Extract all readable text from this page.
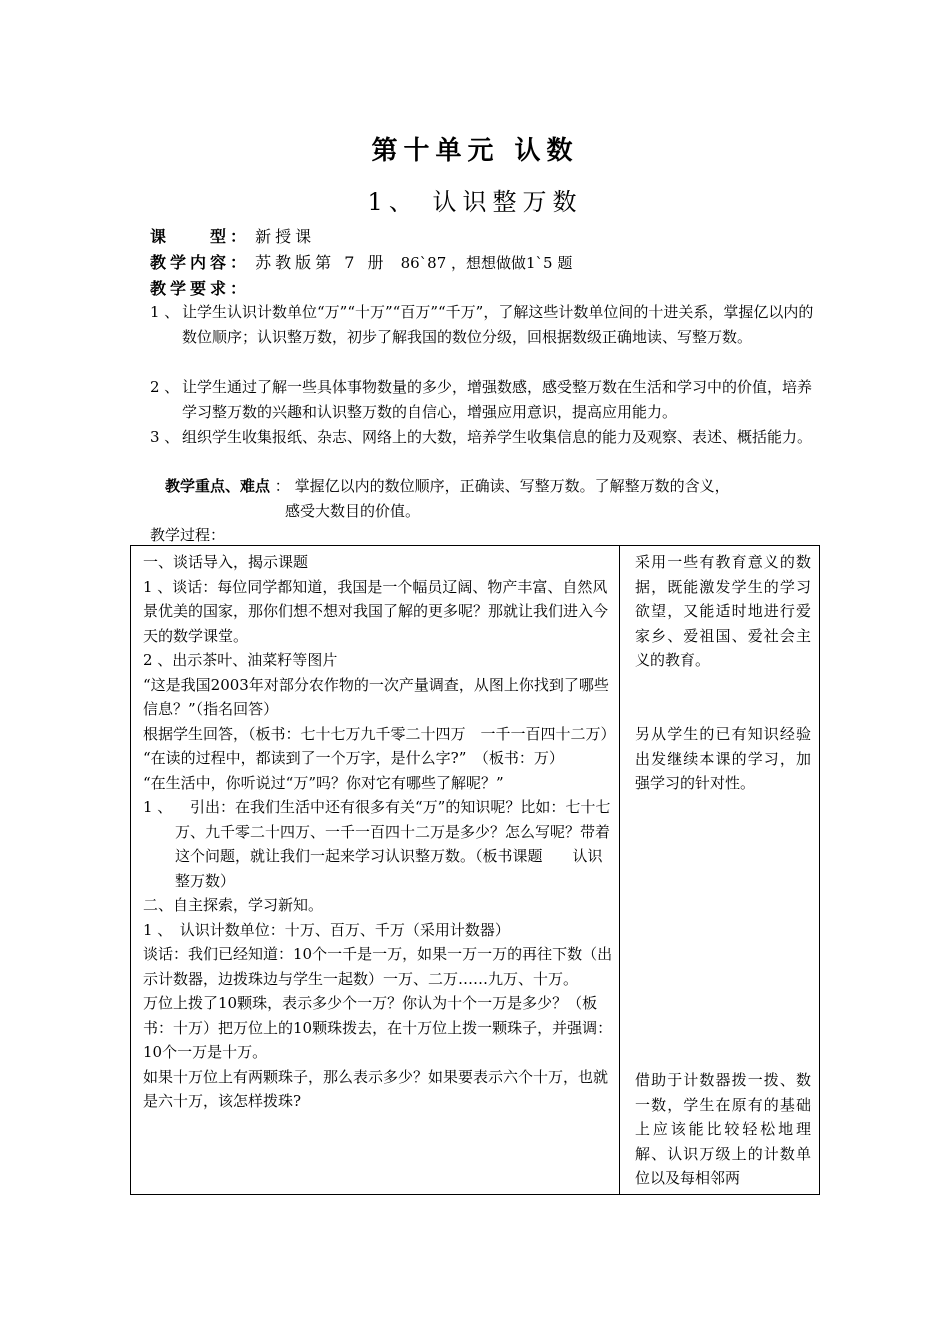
第十单元 认数
1、 认识整万数
课　　型： 新授课
教学内容： 苏教版第 7 册 86`87 ，想想做做1`5 题
教学要求：
1 、 让学生认识计数单位“万”“十万”“百万”“千万”，了解这些计数单位间的十进关系，掌握亿以内的数位顺序；认识整万数，初步了解我国的数位分级，回根据数级正确地读、写整万数。
2 、 让学生通过了解一些具体事物数量的多少，增强数感，感受整万数在生活和学习中的价值，培养学习整万数的兴趣和认识整万数的自信心，增强应用意识，提高应用能力。
3 、 组织学生收集报纸、杂志、网络上的大数，培养学生收集信息的能力及观察、表述、概括能力。
教学重点、难点 ： 掌握亿以内的数位顺序，正确读、写整万数。了解整万数的含义，
感受大数目的价值。
教学过程：

一、谈话导入，揭示课题

1 、谈话：每位同学都知道，我国是一个幅员辽阔、物产丰富、自然风景优美的国家，那你们想不想对我国了解的更多呢？那就让我们进入今天的数学课堂。

2 、出示茶叶、油菜籽等图片

“这是我国2003年对部分农作物的一次产量调查，从图上你找到了哪些信息？”（指名回答）

根据学生回答，（板书：七十七万九千零二十四万　一千一百四十二万）

“在读的过程中，都读到了一个万字，是什么字?”　（板书：万）

“在生活中，你听说过“万”吗？你对它有哪些了解呢？”

1 、 　引出：在我们生活中还有很多有关“万”的知识呢？比如：七十七万、九千零二十四万、一千一百四十二万是多少？怎么写呢？带着这个问题，就让我们一起来学习认识整万数。（板书课题　　认识整万数）

二、自主探索，学习新知。

1 、　认识计数单位：十万、百万、千万（采用计数器）

谈话：我们已经知道：10个一千是一万，如果一万一万的再往下数（出示计数器，边拨珠边与学生一起数）一万、二万……九万、十万。

万位上拨了10颗珠，表示多少个一万？你认为十个一万是多少？（板书：十万）把万位上的10颗珠拨去，在十万位上拨一颗珠子，并强调：10个一万是十万。

如果十万位上有两颗珠子，那么表示多少？如果要表示六个十万，也就是六十万，该怎样拨珠?

采用一些有教育意义的数据，既能激发学生的学习欲望，又能适时地进行爱家乡、爱祖国、爱社会主义的教育。
另从学生的已有知识经验出发继续本课的学习，加强学习的针对性。
借助于计数器拨一拨、数一数，学生在原有的基础上应该能比较轻松地理解、认识万级上的计数单位以及每相邻两
